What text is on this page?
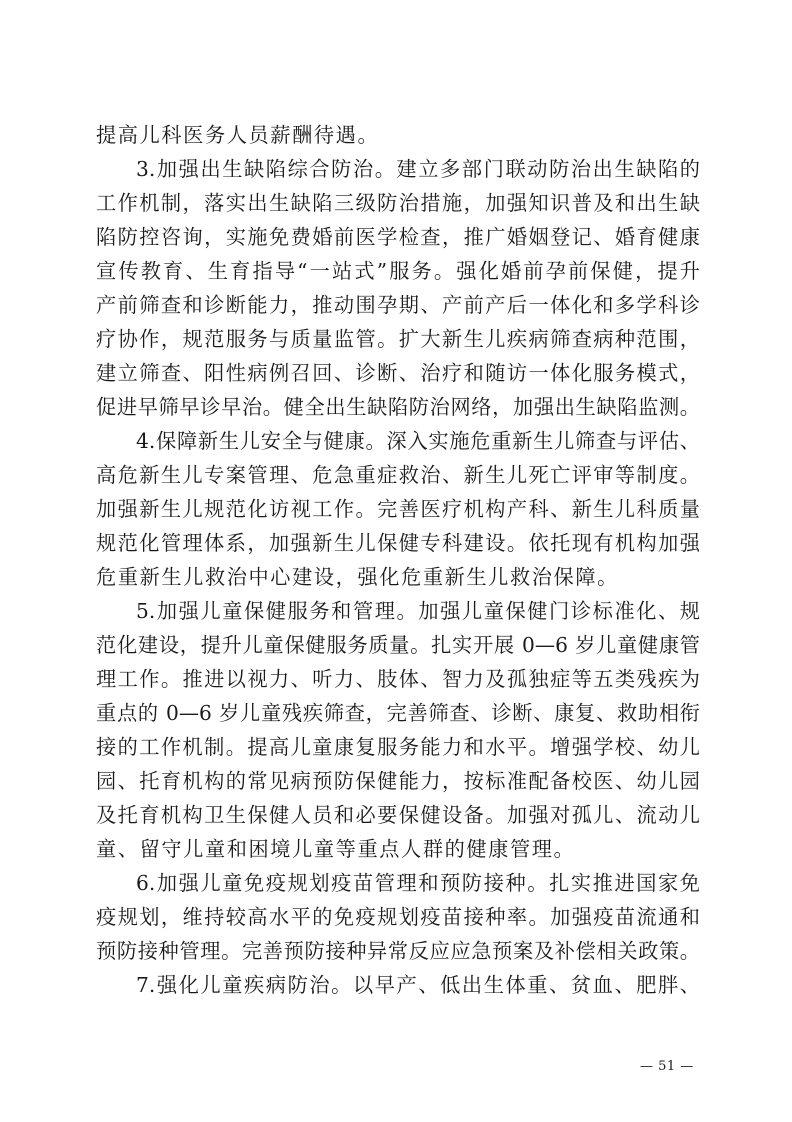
提高儿科医务人员薪酬待遇。
3.加强出生缺陷综合防治。建立多部门联动防治出生缺陷的
工作机制，落实出生缺陷三级防治措施，加强知识普及和出生缺
陷防控咨询，实施免费婚前医学检查，推广婚姻登记、婚育健康
宣传教育、生育指导“一站式”服务。强化婚前孕前保健，提升
产前筛查和诊断能力，推动围孕期、产前产后一体化和多学科诊
疗协作，规范服务与质量监管。扩大新生儿疾病筛查病种范围，
建立筛查、阳性病例召回、诊断、治疗和随访一体化服务模式，
促进早筛早诊早治。健全出生缺陷防治网络，加强出生缺陷监测。
4.保障新生儿安全与健康。深入实施危重新生儿筛查与评估、
高危新生儿专案管理、危急重症救治、新生儿死亡评审等制度。
加强新生儿规范化访视工作。完善医疗机构产科、新生儿科质量
规范化管理体系，加强新生儿保健专科建设。依托现有机构加强
危重新生儿救治中心建设，强化危重新生儿救治保障。
5.加强儿童保健服务和管理。加强儿童保健门诊标准化、规
范化建设，提升儿童保健服务质量。扎实开展 0—6 岁儿童健康管
理工作。推进以视力、听力、肢体、智力及孤独症等五类残疾为
重点的 0—6 岁儿童残疾筛查，完善筛查、诊断、康复、救助相衔
接的工作机制。提高儿童康复服务能力和水平。增强学校、幼儿
园、托育机构的常见病预防保健能力，按标准配备校医、幼儿园
及托育机构卫生保健人员和必要保健设备。加强对孤儿、流动儿
童、留守儿童和困境儿童等重点人群的健康管理。
6.加强儿童免疫规划疫苗管理和预防接种。扎实推进国家免
疫规划，维持较高水平的免疫规划疫苗接种率。加强疫苗流通和
预防接种管理。完善预防接种异常反应应急预案及补偿相关政策。
7.强化儿童疾病防治。以早产、低出生体重、贫血、肥胖、
— 51 —
